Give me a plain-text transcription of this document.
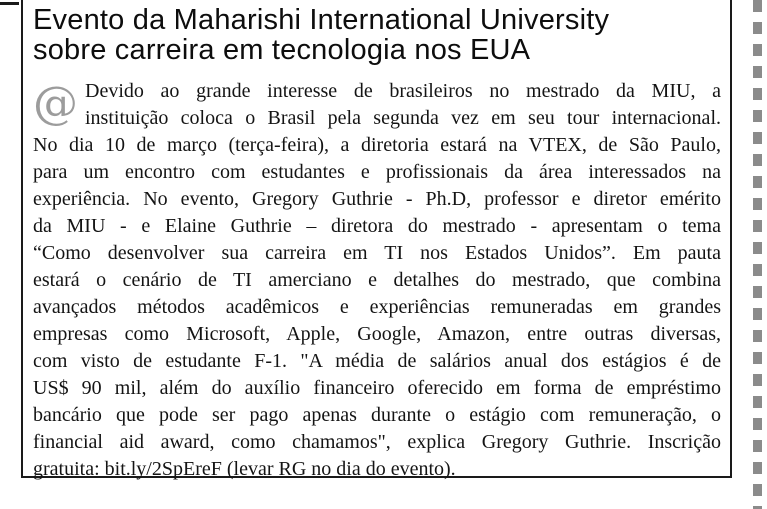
Evento da Maharishi International University
sobre carreira em tecnologia nos EUA
@ Devido ao grande interesse de brasileiros no mestrado da MIU, a
instituição coloca o Brasil pela segunda vez em seu tour internacional.
No dia 10 de março (terça-feira), a diretoria estará na VTEX, de São Paulo,
para um encontro com estudantes e profissionais da área interessados na
experiência. No evento, Gregory Guthrie - Ph.D, professor e diretor emérito
da MIU - e Elaine Guthrie – diretora do mestrado - apresentam o tema
“Como desenvolver sua carreira em TI nos Estados Unidos”. Em pauta
estará o cenário de TI amerciano e detalhes do mestrado, que combina
avançados métodos acadêmicos e experiências remuneradas em grandes
empresas como Microsoft, Apple, Google, Amazon, entre outras diversas,
com visto de estudante F-1. "A média de salários anual dos estágios é de
US$ 90 mil, além do auxílio financeiro oferecido em forma de empréstimo
bancário que pode ser pago apenas durante o estágio com remuneração, o
financial aid award, como chamamos", explica Gregory Guthrie. Inscrição
gratuita: bit.ly/2SpEreF (levar RG no dia do evento).
